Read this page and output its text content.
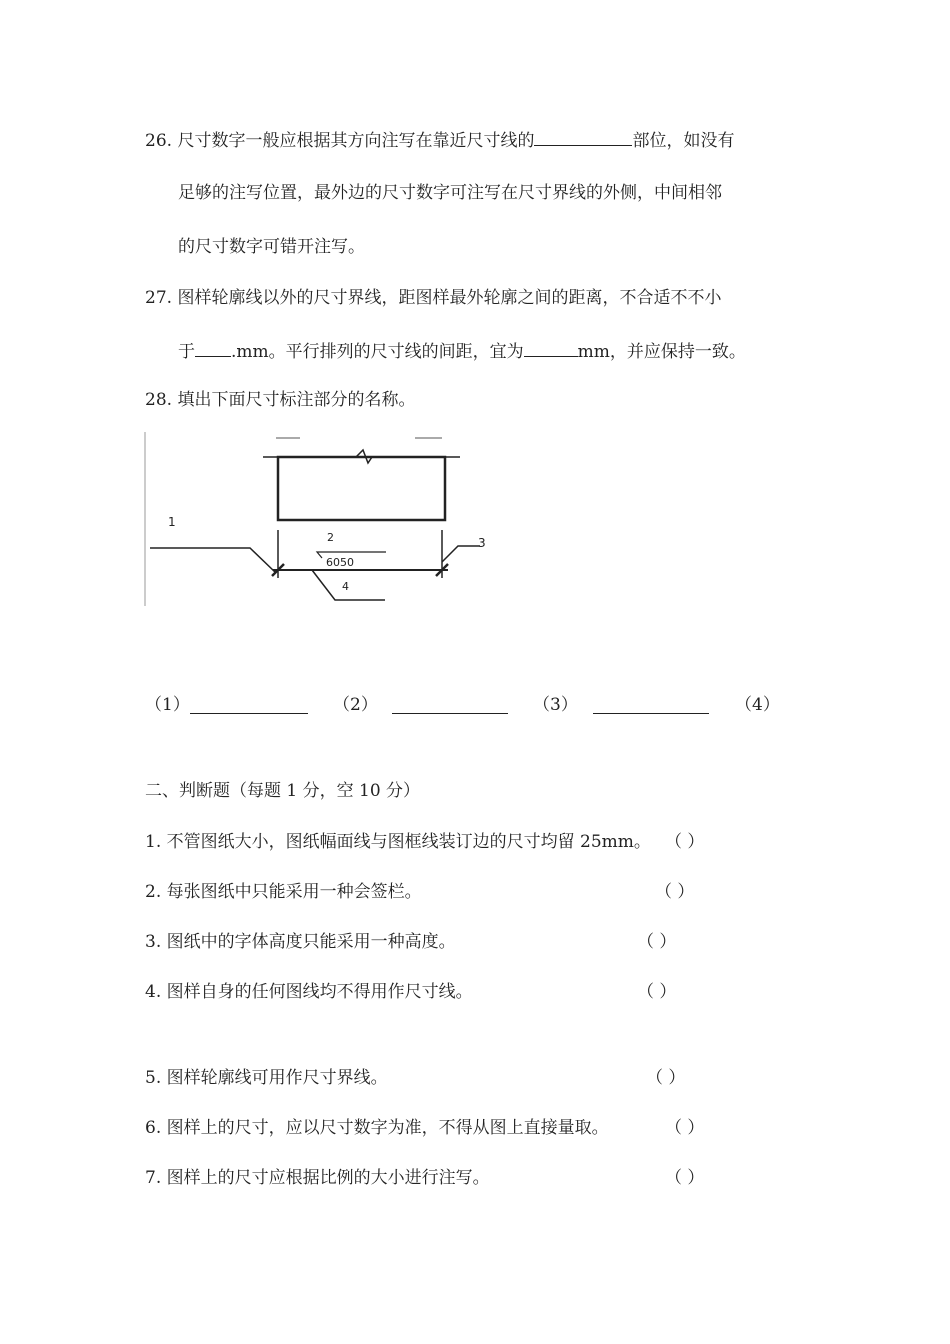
26. 尺寸数字一般应根据其方向注写在靠近尺寸线的	部位，如没有
足够的注写位置，最外边的尺寸数字可注写在尺寸界线的外侧，中间相邻
的尺寸数字可错开注写。
27. 图样轮廓线以外的尺寸界线，距图样最外轮廓之间的距离，不合适不不小
于 .mm。平行排列的尺寸线的间距，宜为	mm，并应保持一致。
28. 填出下面尺寸标注部分的名称。
1
2
6050
3
4
（1）	（2）	（3）	（4）
二、判断题（每题 1 分，空 10 分）
1. 不管图纸大小，图纸幅面线与图框线装订边的尺寸均留 25mm。 （ ）
2. 每张图纸中只能采用一种会签栏。	（ ）
3. 图纸中的字体高度只能采用一种高度。	（ ）
4. 图样自身的任何图线均不得用作尺寸线。	（ ）
5. 图样轮廓线可用作尺寸界线。	（ ）
6. 图样上的尺寸，应以尺寸数字为准，不得从图上直接量取。	（ ）
7. 图样上的尺寸应根据比例的大小进行注写。	（ ）
